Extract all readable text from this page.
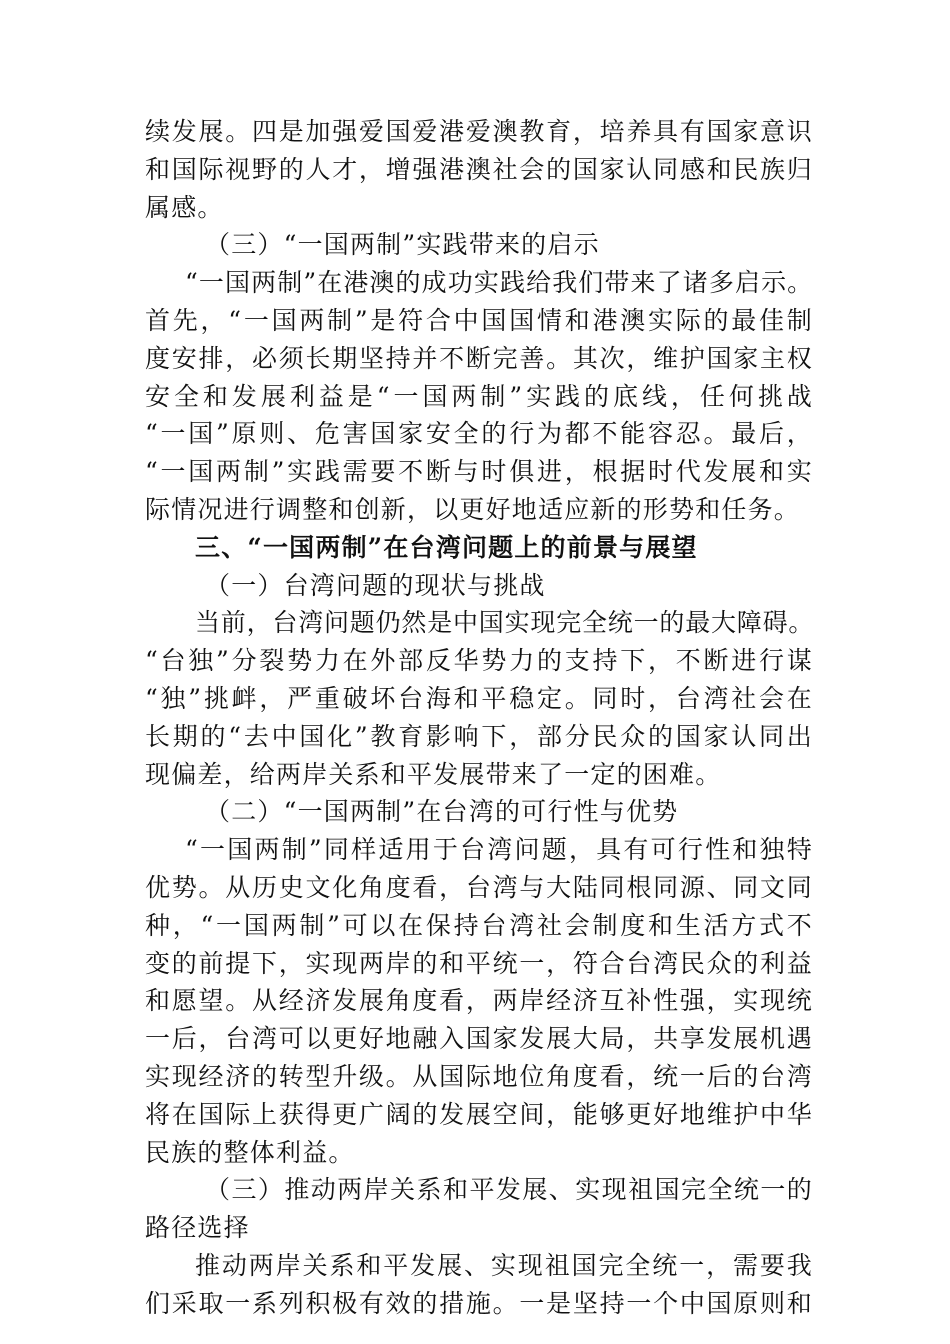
续发展。四是加强爱国爱港爱澳教育，培养具有国家意识
和国际视野的人才，增强港澳社会的国家认同感和民族归
属感。
（三）“一国两制”实践带来的启示
“一国两制”在港澳的成功实践给我们带来了诸多启示。
首先，“一国两制”是符合中国国情和港澳实际的最佳制
度安排，必须长期坚持并不断完善。其次，维护国家主权
安全和发展利益是“一国两制”实践的底线，任何挑战
“一国”原则、危害国家安全的行为都不能容忍。最后，
“一国两制”实践需要不断与时俱进，根据时代发展和实
际情况进行调整和创新，以更好地适应新的形势和任务。
三、“一国两制”在台湾问题上的前景与展望
（一）台湾问题的现状与挑战
当前，台湾问题仍然是中国实现完全统一的最大障碍。
“台独”分裂势力在外部反华势力的支持下，不断进行谋
“独”挑衅，严重破坏台海和平稳定。同时，台湾社会在
长期的“去中国化”教育影响下，部分民众的国家认同出
现偏差，给两岸关系和平发展带来了一定的困难。
（二）“一国两制”在台湾的可行性与优势
“一国两制”同样适用于台湾问题，具有可行性和独特
优势。从历史文化角度看，台湾与大陆同根同源、同文同
种，“一国两制”可以在保持台湾社会制度和生活方式不
变的前提下，实现两岸的和平统一，符合台湾民众的利益
和愿望。从经济发展角度看，两岸经济互补性强，实现统
一后，台湾可以更好地融入国家发展大局，共享发展机遇
实现经济的转型升级。从国际地位角度看，统一后的台湾
将在国际上获得更广阔的发展空间，能够更好地维护中华
民族的整体利益。
（三）推动两岸关系和平发展、实现祖国完全统一的
路径选择
推动两岸关系和平发展、实现祖国完全统一，需要我
们采取一系列积极有效的措施。一是坚持一个中国原则和
